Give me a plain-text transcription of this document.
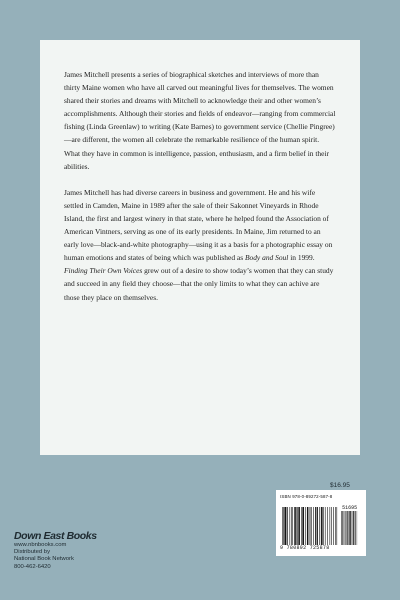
James Mitchell presents a series of biographical sketches and interviews of more than thirty Maine women who have all carved out meaningful lives for themselves. The women shared their stories and dreams with Mitchell to acknowledge their and other women’s accomplishments. Although their stories and fields of endeavor—ranging from commercial fishing (Linda Greenlaw) to writing (Kate Barnes) to government service (Chellie Pingree) —are different, the women all celebrate the remarkable resilience of the human spirit. What they have in common is intelligence, passion, enthusiasm, and a firm belief in their abilities.

James Mitchell has had diverse careers in business and government. He and his wife settled in Camden, Maine in 1989 after the sale of their Sakonnet Vineyards in Rhode Island, the first and largest winery in that state, where he helped found the Association of American Vintners, serving as one of its early presidents. In Maine, Jim returned to an early love—black-and-white photography—using it as a basis for a photographic essay on human emotions and states of being which was published as Body and Soul in 1999. Finding Their Own Voices grew out of a desire to show today’s women that they can study and succeed in any field they choose—that the only limits to what they can achive are those they place on themselves.

$16.95
Down East Books
www.nbnbooks.com
Distributed by
National Book Network
800-462-6420
ISBN 978-0-89272-587-8
51695
9 780892 725878
